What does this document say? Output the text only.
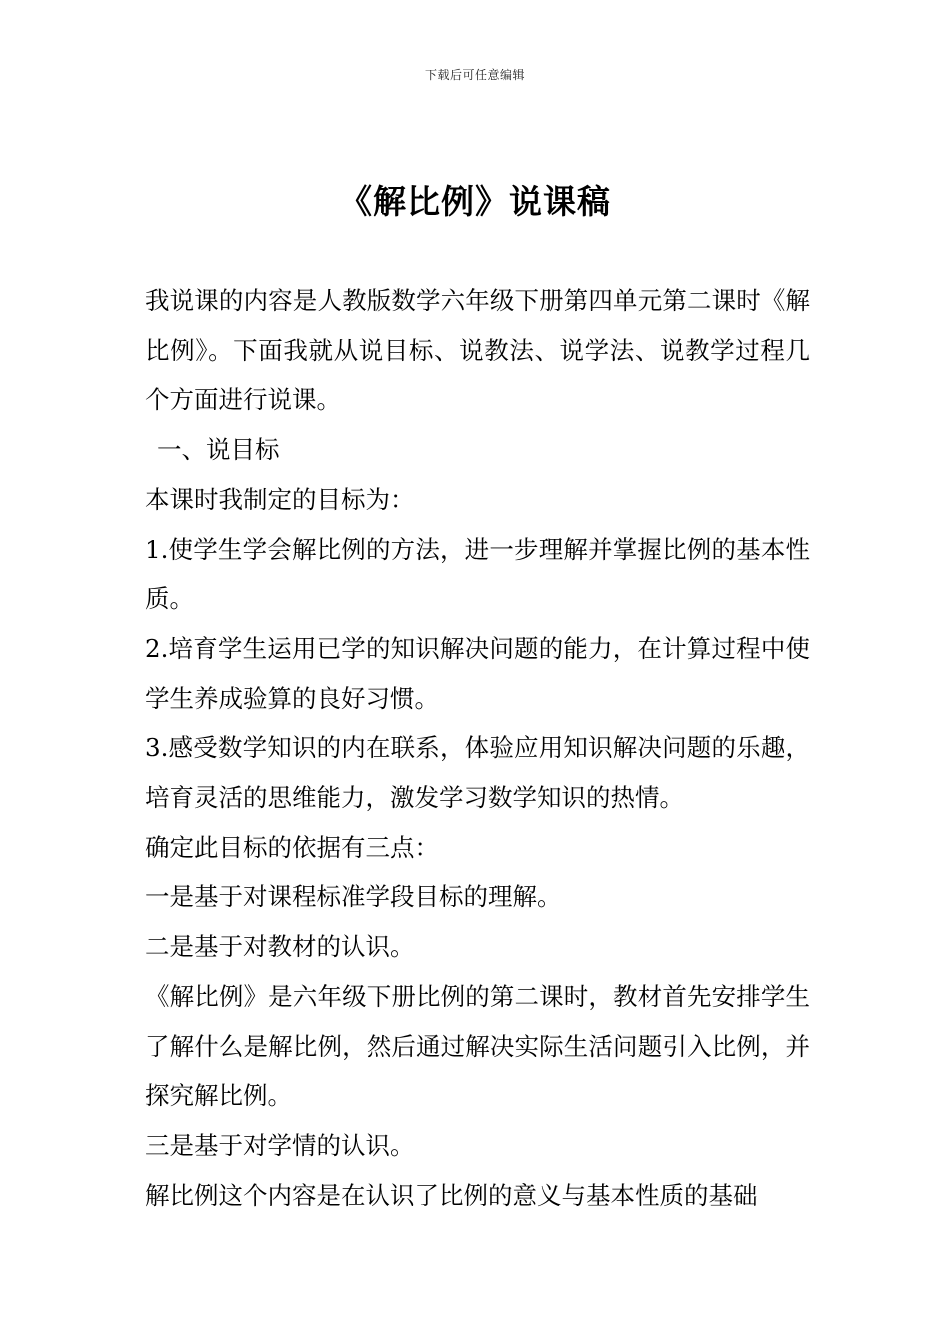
下载后可任意编辑
《解比例》说课稿

我说课的内容是人教版数学六年级下册第四单元第二课时《解比例》。下面我就从说目标、说教法、说学法、说教学过程几个方面进行说课。

一、说目标

本课时我制定的目标为：

1.使学生学会解比例的方法，进一步理解并掌握比例的基本性质。

2.培育学生运用已学的知识解决问题的能力，在计算过程中使学生养成验算的良好习惯。

3.感受数学知识的内在联系，体验应用知识解决问题的乐趣，培育灵活的思维能力，激发学习数学知识的热情。

确定此目标的依据有三点：

一是基于对课程标准学段目标的理解。

二是基于对教材的认识。

《解比例》是六年级下册比例的第二课时，教材首先安排学生了解什么是解比例，然后通过解决实际生活问题引入比例，并探究解比例。

三是基于对学情的认识。

解比例这个内容是在认识了比例的意义与基本性质的基础
